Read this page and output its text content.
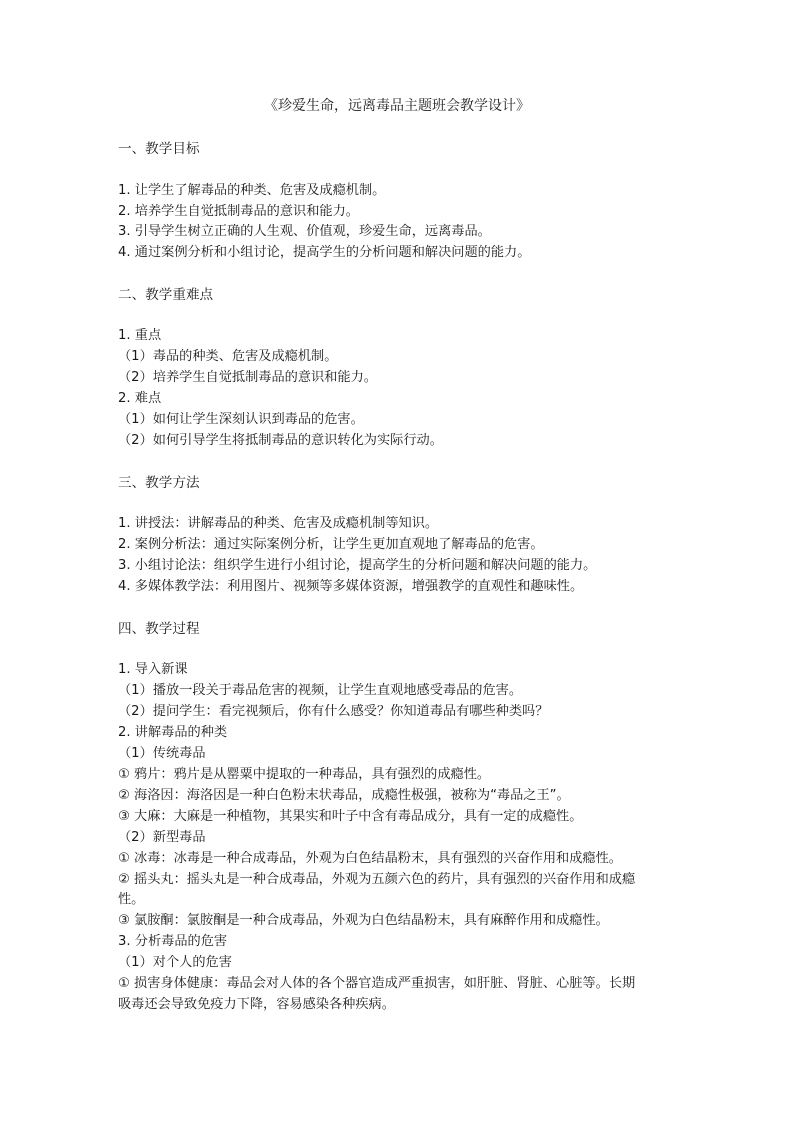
《珍爱生命，远离毒品主题班会教学设计》

一、教学目标

1. 让学生了解毒品的种类、危害及成瘾机制。

2. 培养学生自觉抵制毒品的意识和能力。

3. 引导学生树立正确的人生观、价值观，珍爱生命，远离毒品。

4. 通过案例分析和小组讨论，提高学生的分析问题和解决问题的能力。

二、教学重难点

1. 重点

（1）毒品的种类、危害及成瘾机制。

（2）培养学生自觉抵制毒品的意识和能力。

2. 难点

（1）如何让学生深刻认识到毒品的危害。

（2）如何引导学生将抵制毒品的意识转化为实际行动。

三、教学方法

1. 讲授法：讲解毒品的种类、危害及成瘾机制等知识。

2. 案例分析法：通过实际案例分析，让学生更加直观地了解毒品的危害。

3. 小组讨论法：组织学生进行小组讨论，提高学生的分析问题和解决问题的能力。

4. 多媒体教学法：利用图片、视频等多媒体资源，增强教学的直观性和趣味性。

四、教学过程

1. 导入新课

（1）播放一段关于毒品危害的视频，让学生直观地感受毒品的危害。

（2）提问学生：看完视频后，你有什么感受？你知道毒品有哪些种类吗？

2. 讲解毒品的种类

（1）传统毒品

① 鸦片：鸦片是从罂粟中提取的一种毒品，具有强烈的成瘾性。

② 海洛因：海洛因是一种白色粉末状毒品，成瘾性极强，被称为“毒品之王”。

③ 大麻：大麻是一种植物，其果实和叶子中含有毒品成分，具有一定的成瘾性。

（2）新型毒品

① 冰毒：冰毒是一种合成毒品，外观为白色结晶粉末，具有强烈的兴奋作用和成瘾性。

② 摇头丸：摇头丸是一种合成毒品，外观为五颜六色的药片，具有强烈的兴奋作用和成瘾

性。

③ 氯胺酮：氯胺酮是一种合成毒品，外观为白色结晶粉末，具有麻醉作用和成瘾性。

3. 分析毒品的危害

（1）对个人的危害

① 损害身体健康：毒品会对人体的各个器官造成严重损害，如肝脏、肾脏、心脏等。长期

吸毒还会导致免疫力下降，容易感染各种疾病。
